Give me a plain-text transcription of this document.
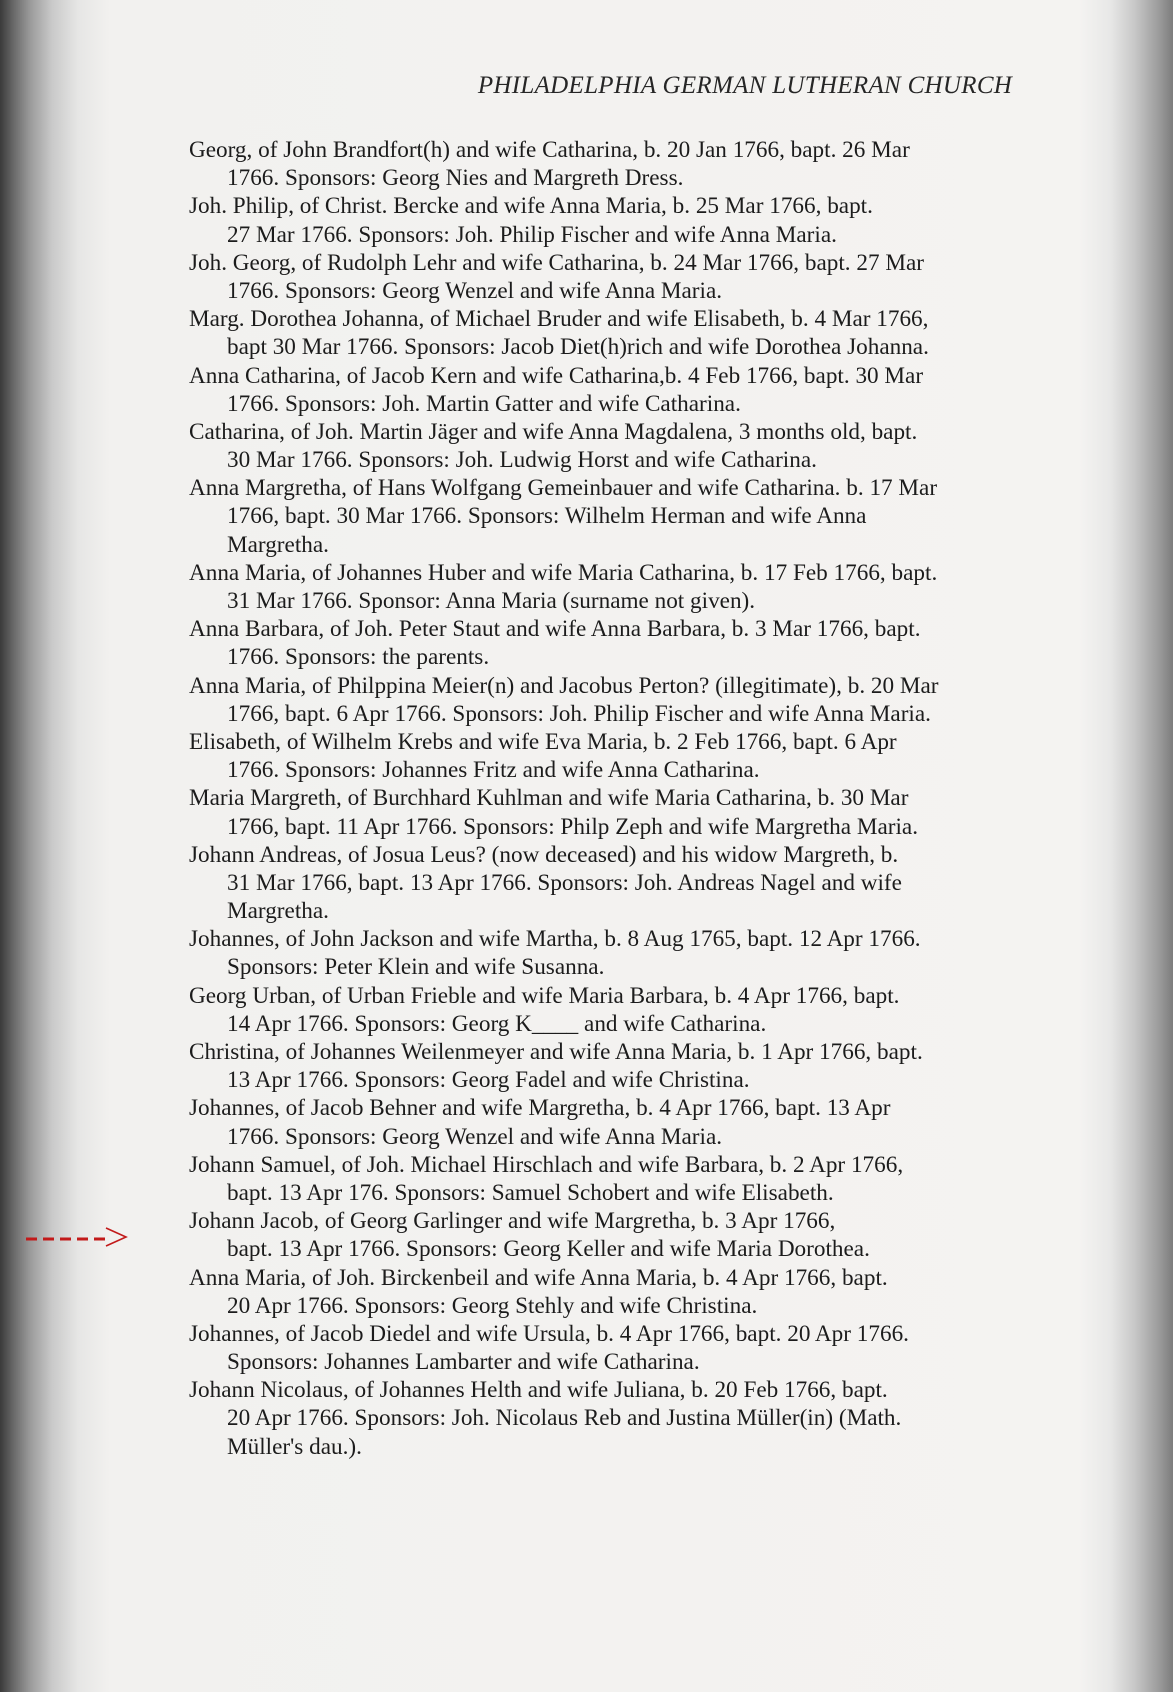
PHILADELPHIA GERMAN LUTHERAN CHURCH
Georg, of John Brandfort(h) and wife Catharina, b. 20 Jan 1766, bapt. 26 Mar
1766. Sponsors: Georg Nies and Margreth Dress.
Joh. Philip, of Christ. Bercke and wife Anna Maria, b. 25 Mar 1766, bapt.
27 Mar 1766. Sponsors: Joh. Philip Fischer and wife Anna Maria.
Joh. Georg, of Rudolph Lehr and wife Catharina, b. 24 Mar 1766, bapt. 27 Mar
1766. Sponsors: Georg Wenzel and wife Anna Maria.
Marg. Dorothea Johanna, of Michael Bruder and wife Elisabeth, b. 4 Mar 1766,
bapt 30 Mar 1766. Sponsors: Jacob Diet(h)rich and wife Dorothea Johanna.
Anna Catharina, of Jacob Kern and wife Catharina,b. 4 Feb 1766, bapt. 30 Mar
1766. Sponsors: Joh. Martin Gatter and wife Catharina.
Catharina, of Joh. Martin Jäger and wife Anna Magdalena, 3 months old, bapt.
30 Mar 1766. Sponsors: Joh. Ludwig Horst and wife Catharina.
Anna Margretha, of Hans Wolfgang Gemeinbauer and wife Catharina. b. 17 Mar
1766, bapt. 30 Mar 1766. Sponsors: Wilhelm Herman and wife Anna
Margretha.
Anna Maria, of Johannes Huber and wife Maria Catharina, b. 17 Feb 1766, bapt.
31 Mar 1766. Sponsor: Anna Maria (surname not given).
Anna Barbara, of Joh. Peter Staut and wife Anna Barbara, b. 3 Mar 1766, bapt.
1766. Sponsors: the parents.
Anna Maria, of Philppina Meier(n) and Jacobus Perton? (illegitimate), b. 20 Mar
1766, bapt. 6 Apr 1766. Sponsors: Joh. Philip Fischer and wife Anna Maria.
Elisabeth, of Wilhelm Krebs and wife Eva Maria, b. 2 Feb 1766, bapt. 6 Apr
1766. Sponsors: Johannes Fritz and wife Anna Catharina.
Maria Margreth, of Burchhard Kuhlman and wife Maria Catharina, b. 30 Mar
1766, bapt. 11 Apr 1766. Sponsors: Philp Zeph and wife Margretha Maria.
Johann Andreas, of Josua Leus? (now deceased) and his widow Margreth, b.
31 Mar 1766, bapt. 13 Apr 1766. Sponsors: Joh. Andreas Nagel and wife
Margretha.
Johannes, of John Jackson and wife Martha, b. 8 Aug 1765, bapt. 12 Apr 1766.
Sponsors: Peter Klein and wife Susanna.
Georg Urban, of Urban Frieble and wife Maria Barbara, b. 4 Apr 1766, bapt.
14 Apr 1766. Sponsors: Georg K____ and wife Catharina.
Christina, of Johannes Weilenmeyer and wife Anna Maria, b. 1 Apr 1766, bapt.
13 Apr 1766. Sponsors: Georg Fadel and wife Christina.
Johannes, of Jacob Behner and wife Margretha, b. 4 Apr 1766, bapt. 13 Apr
1766. Sponsors: Georg Wenzel and wife Anna Maria.
Johann Samuel, of Joh. Michael Hirschlach and wife Barbara, b. 2 Apr 1766,
bapt. 13 Apr 176. Sponsors: Samuel Schobert and wife Elisabeth.
Johann Jacob, of Georg Garlinger and wife Margretha, b. 3 Apr 1766,
bapt. 13 Apr 1766. Sponsors: Georg Keller and wife Maria Dorothea.
Anna Maria, of Joh. Birckenbeil and wife Anna Maria, b. 4 Apr 1766, bapt.
20 Apr 1766. Sponsors: Georg Stehly and wife Christina.
Johannes, of Jacob Diedel and wife Ursula, b. 4 Apr 1766, bapt. 20 Apr 1766.
Sponsors: Johannes Lambarter and wife Catharina.
Johann Nicolaus, of Johannes Helth and wife Juliana, b. 20 Feb 1766, bapt.
20 Apr 1766. Sponsors: Joh. Nicolaus Reb and Justina Müller(in) (Math.
Müller's dau.).
